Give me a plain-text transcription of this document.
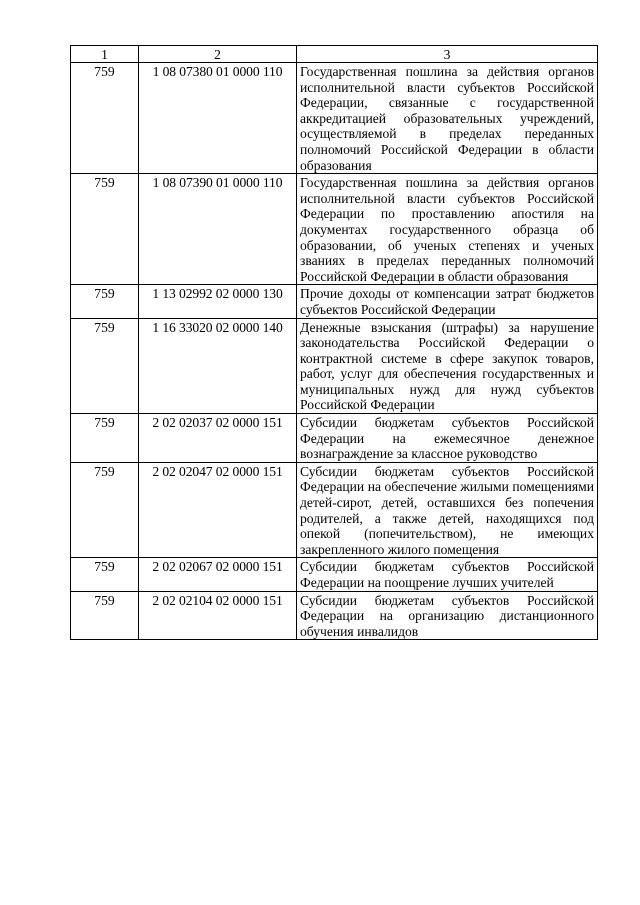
1	2	3
759	1 08 07380 01 0000 110	Государственная пошлина за действия органов исполнительной власти субъектов Российской Федерации, связанные с государственной аккредитацией образовательных учреждений, осуществляемой в пределах переданных полномочий Российской Федерации в области образования
759	1 08 07390 01 0000 110	Государственная пошлина за действия органов исполнительной власти субъектов Российской Федерации по проставлению апостиля на документах государственного образца об образовании, об ученых степенях и ученых званиях в пределах переданных полномочий Российской Федерации в области образования
759	1 13 02992 02 0000 130	Прочие доходы от компенсации затрат бюджетов субъектов Российской Федерации
759	1 16 33020 02 0000 140	Денежные взыскания (штрафы) за нарушение законодательства Российской Федерации о контрактной системе в сфере закупок товаров, работ, услуг для обеспечения государственных и муниципальных нужд для нужд субъектов Российской Федерации
759	2 02 02037 02 0000 151	Субсидии бюджетам субъектов Российской Федерации на ежемесячное денежное вознаграждение за классное руководство
759	2 02 02047 02 0000 151	Субсидии бюджетам субъектов Российской Федерации на обеспечение жилыми помещениями детей-сирот, детей, оставшихся без попечения родителей, а также детей, находящихся под опекой (попечительством), не имеющих закрепленного жилого помещения
759	2 02 02067 02 0000 151	Субсидии бюджетам субъектов Российской Федерации на поощрение лучших учителей
759	2 02 02104 02 0000 151	Субсидии бюджетам субъектов Российской Федерации на организацию дистанционного обучения инвалидов
